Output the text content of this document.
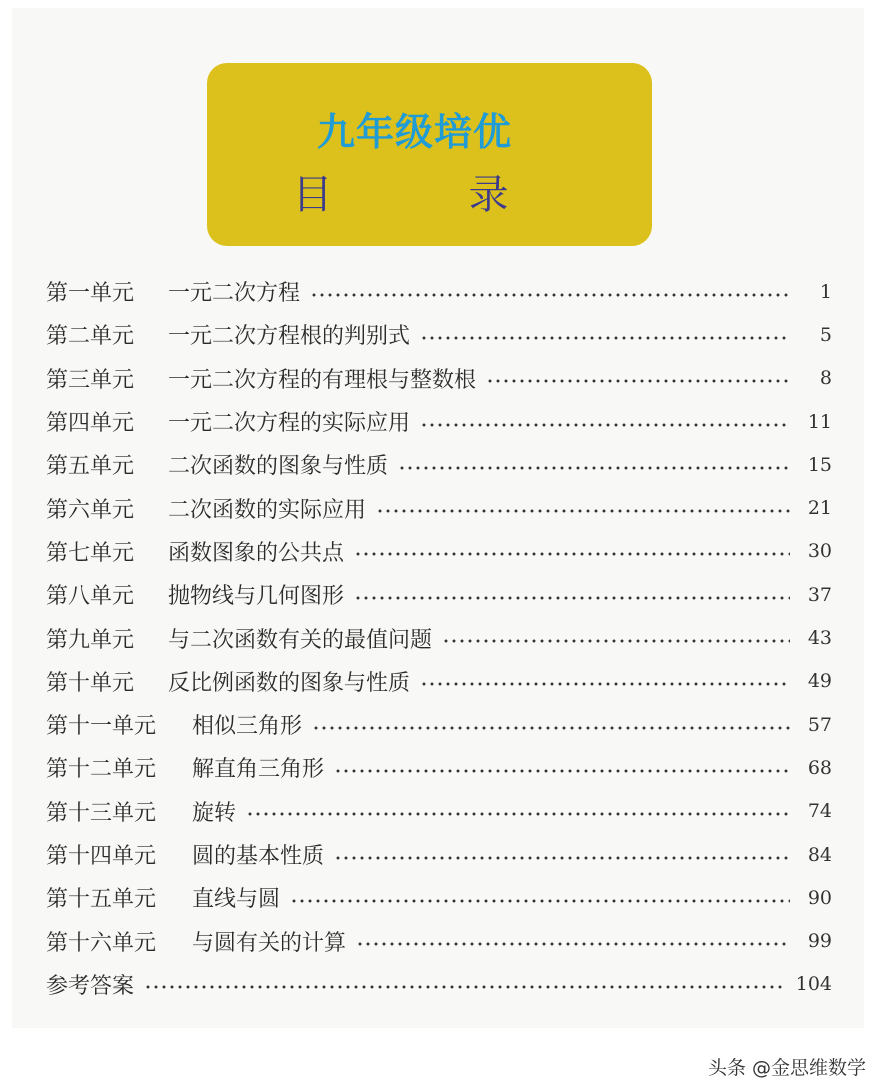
九年级培优
目　录
第一单元	一元二次方程	1
第二单元	一元二次方程根的判别式	5
第三单元	一元二次方程的有理根与整数根	8
第四单元	一元二次方程的实际应用	11
第五单元	二次函数的图象与性质	15
第六单元	二次函数的实际应用	21
第七单元	函数图象的公共点	30
第八单元	抛物线与几何图形	37
第九单元	与二次函数有关的最值问题	43
第十单元	反比例函数的图象与性质	49
第十一单元	相似三角形	57
第十二单元	解直角三角形	68
第十三单元	旋转	74
第十四单元	圆的基本性质	84
第十五单元	直线与圆	90
第十六单元	与圆有关的计算	99
参考答案	104
头条 @金思维数学
